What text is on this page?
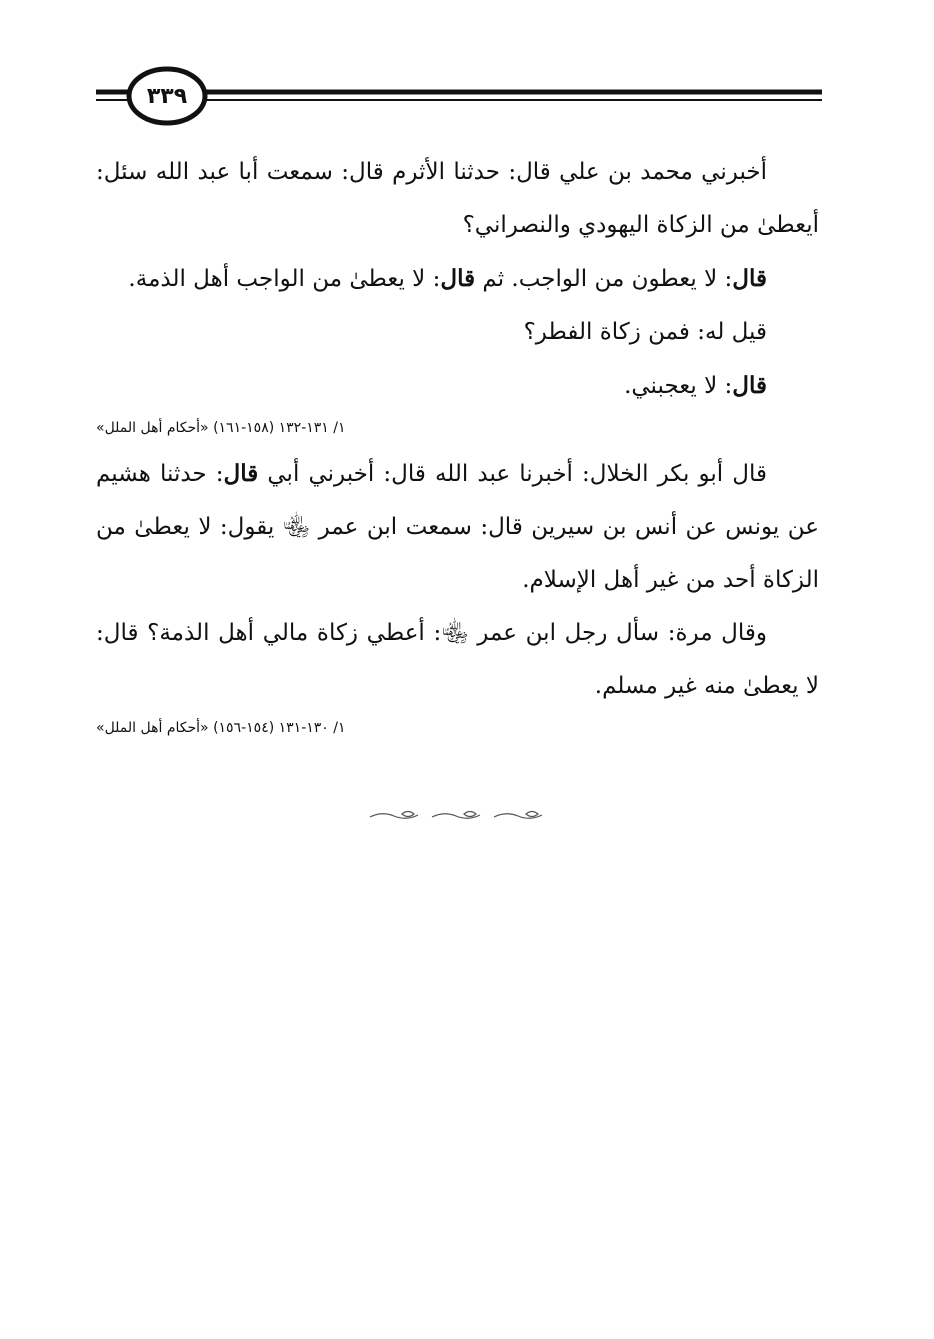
٣٣٩

أخبرني محمد بن علي قال: حدثنا الأثرم قال: سمعت أبا عبد الله سئل: أيعطىٰ من الزكاة اليهودي والنصراني؟

قال: لا يعطون من الواجب. ثم قال: لا يعطىٰ من الواجب أهل الذمة.

قيل له: فمن زكاة الفطر؟

قال: لا يعجبني.

«أحكام أهل الملل» ١/ ١٣١-١٣٢ (١٥٨-١٦١)

قال أبو بكر الخلال: أخبرنا عبد الله قال: أخبرني أبي قال: حدثنا هشيم عن يونس عن أنس بن سيرين قال: سمعت ابن عمر ﵄ يقول: لا يعطىٰ من الزكاة أحد من غير أهل الإسلام.

وقال مرة: سأل رجل ابن عمر ﵄: أعطي زكاة مالي أهل الذمة؟ قال: لا يعطىٰ منه غير مسلم.

«أحكام أهل الملل» ١/ ١٣٠-١٣١ (١٥٤-١٥٦)
